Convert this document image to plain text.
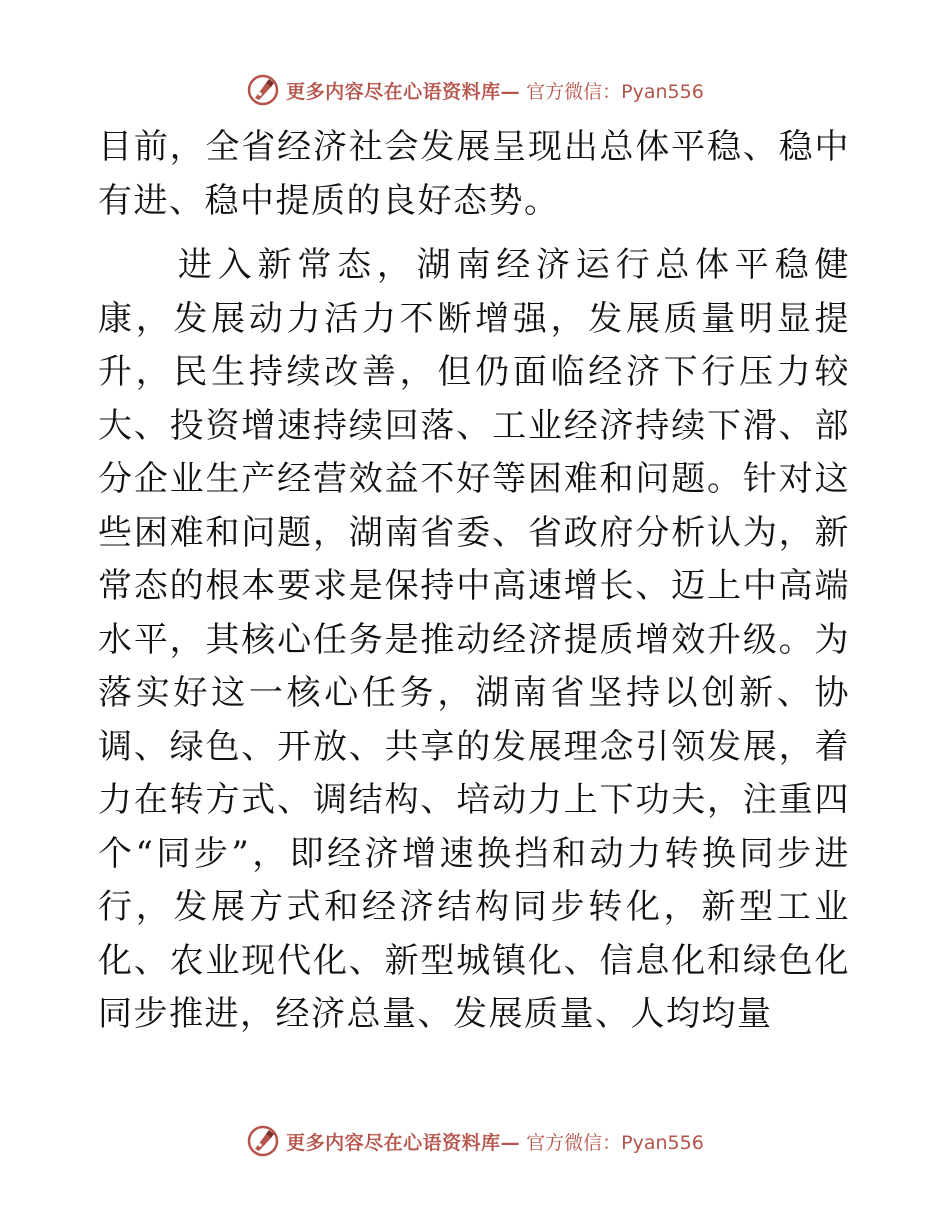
更多内容尽在心语资料库— 官方微信：Pyan556

目前，全省经济社会发展呈现出总体平稳、稳中有进、稳中提质的良好态势。

进入新常态，湖南经济运行总体平稳健康，发展动力活力不断增强，发展质量明显提升，民生持续改善，但仍面临经济下行压力较大、投资增速持续回落、工业经济持续下滑、部分企业生产经营效益不好等困难和问题。针对这些困难和问题，湖南省委、省政府分析认为，新常态的根本要求是保持中高速增长、迈上中高端水平，其核心任务是推动经济提质增效升级。为落实好这一核心任务，湖南省坚持以创新、协调、绿色、开放、共享的发展理念引领发展，着力在转方式、调结构、培动力上下功夫，注重四个“同步”，即经济增速换挡和动力转换同步进行，发展方式和经济结构同步转化，新型工业化、农业现代化、新型城镇化、信息化和绿色化同步推进，经济总量、发展质量、人均均量

更多内容尽在心语资料库— 官方微信：Pyan556
